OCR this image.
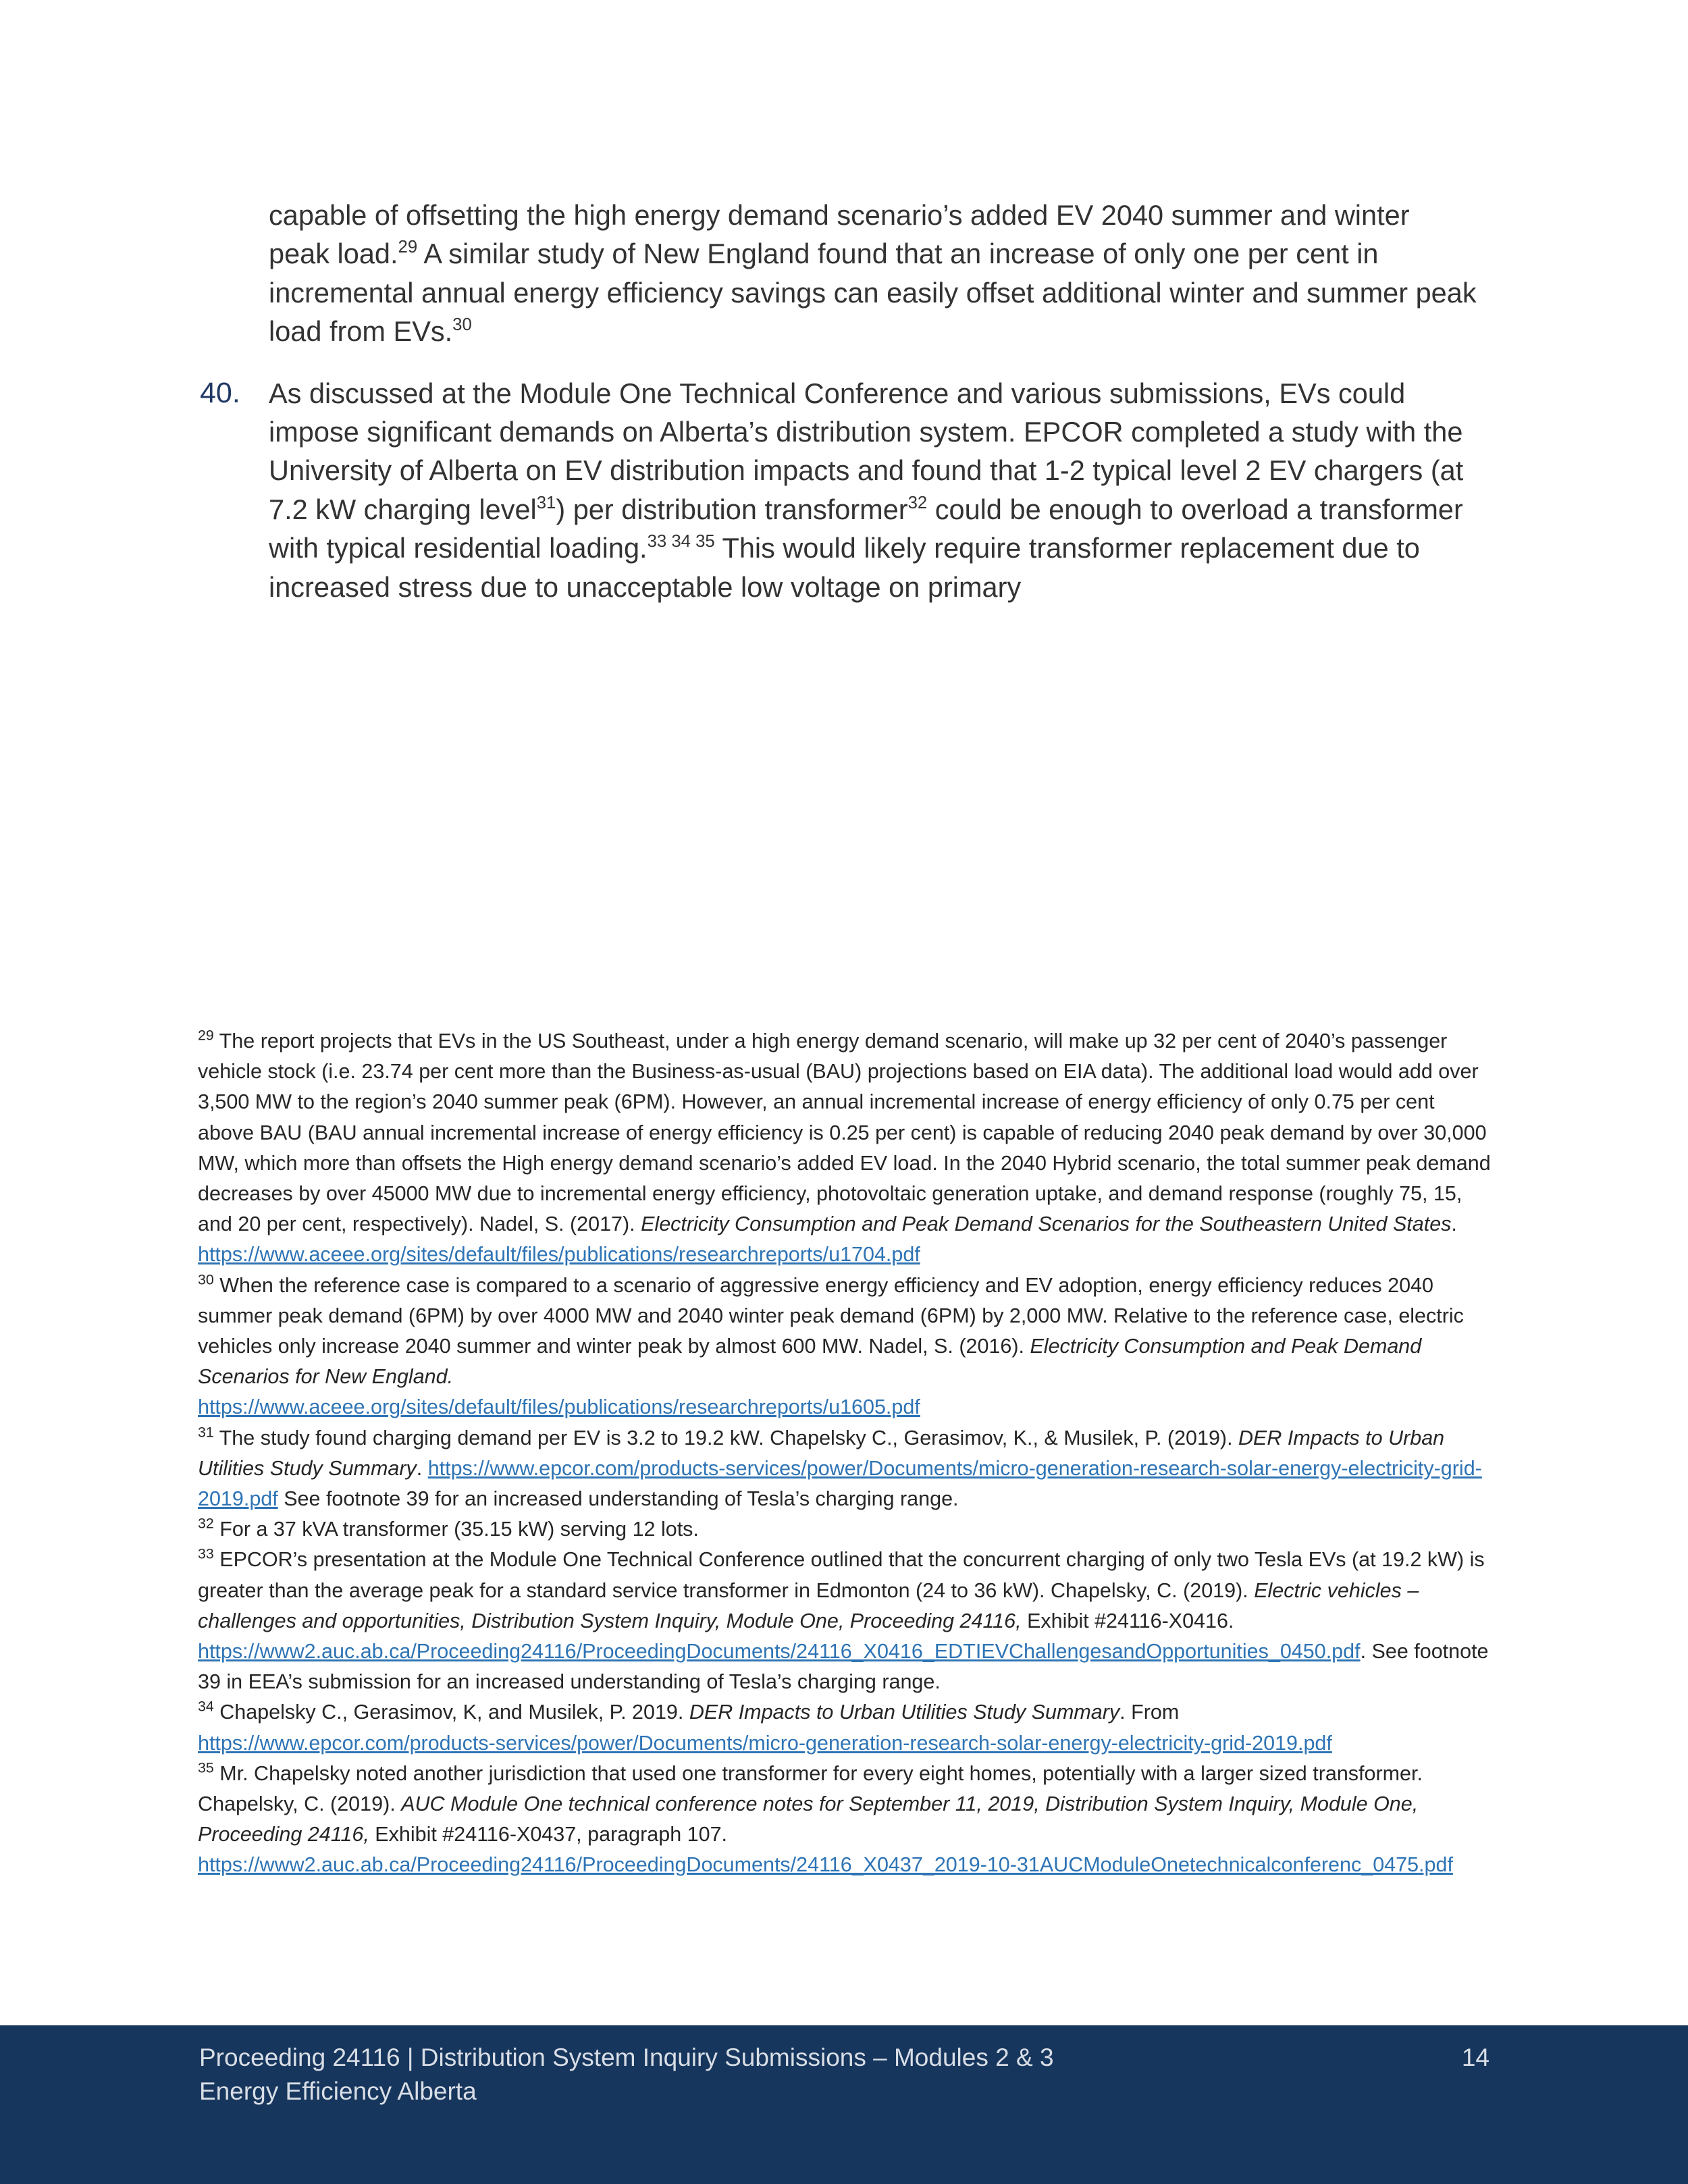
capable of offsetting the high energy demand scenario’s added EV 2040 summer and winter peak load.$^{29}$ A similar study of New England found that an increase of only one per cent in incremental annual energy efficiency savings can easily offset additional winter and summer peak load from EVs.$^{30}$

40. As discussed at the Module One Technical Conference and various submissions, EVs could impose significant demands on Alberta’s distribution system. EPCOR completed a study with the University of Alberta on EV distribution impacts and found that 1-2 typical level 2 EV chargers (at 7.2 kW charging level$^{31}$) per distribution transformer$^{32}$ could be enough to overload a transformer with typical residential loading.$^{33 34 35}$ This would likely require transformer replacement due to increased stress due to unacceptable low voltage on primary

$^{29}$ The report projects that EVs in the US Southeast, under a high energy demand scenario, will make up 32 per cent of 2040’s passenger vehicle stock (i.e. 23.74 per cent more than the Business-as-usual (BAU) projections based on EIA data). The additional load would add over 3,500 MW to the region’s 2040 summer peak (6PM). However, an annual incremental increase of energy efficiency of only 0.75 per cent above BAU (BAU annual incremental increase of energy efficiency is 0.25 per cent) is capable of reducing 2040 peak demand by over 30,000 MW, which more than offsets the High energy demand scenario’s added EV load. In the 2040 Hybrid scenario, the total summer peak demand decreases by over 45000 MW due to incremental energy efficiency, photovoltaic generation uptake, and demand response (roughly 75, 15, and 20 per cent, respectively). Nadel, S. (2017). Electricity Consumption and Peak Demand Scenarios for the Southeastern United States.
https://www.aceee.org/sites/default/files/publications/researchreports/u1704.pdf

$^{30}$ When the reference case is compared to a scenario of aggressive energy efficiency and EV adoption, energy efficiency reduces 2040 summer peak demand (6PM) by over 4000 MW and 2040 winter peak demand (6PM) by 2,000 MW. Relative to the reference case, electric vehicles only increase 2040 summer and winter peak by almost 600 MW. Nadel, S. (2016). Electricity Consumption and Peak Demand Scenarios for New England.
https://www.aceee.org/sites/default/files/publications/researchreports/u1605.pdf

$^{31}$ The study found charging demand per EV is 3.2 to 19.2 kW. Chapelsky C., Gerasimov, K., & Musilek, P. (2019). DER Impacts to Urban Utilities Study Summary. https://www.epcor.com/products-services/power/Documents/micro-generation-research-solar-energy-electricity-grid-2019.pdf See footnote 39 for an increased understanding of Tesla’s charging range.

$^{32}$ For a 37 kVA transformer (35.15 kW) serving 12 lots.

$^{33}$ EPCOR’s presentation at the Module One Technical Conference outlined that the concurrent charging of only two Tesla EVs (at 19.2 kW) is greater than the average peak for a standard service transformer in Edmonton (24 to 36 kW). Chapelsky, C. (2019). Electric vehicles –challenges and opportunities, Distribution System Inquiry, Module One, Proceeding 24116, Exhibit #24116-X0416.
https://www2.auc.ab.ca/Proceeding24116/ProceedingDocuments/24116_X0416_EDTIEVChallengesandOpportunities_0450.pdf. See footnote 39 in EEA’s submission for an increased understanding of Tesla’s charging range.

$^{34}$ Chapelsky C., Gerasimov, K, and Musilek, P. 2019. DER Impacts to Urban Utilities Study Summary. From
https://www.epcor.com/products-services/power/Documents/micro-generation-research-solar-energy-electricity-grid-2019.pdf

$^{35}$ Mr. Chapelsky noted another jurisdiction that used one transformer for every eight homes, potentially with a larger sized transformer. Chapelsky, C. (2019). AUC Module One technical conference notes for September 11, 2019, Distribution System Inquiry, Module One, Proceeding 24116, Exhibit #24116-X0437, paragraph 107.
https://www2.auc.ab.ca/Proceeding24116/ProceedingDocuments/24116_X0437_2019-10-31AUCModuleOnetechnicalconferenc_0475.pdf

Proceeding 24116 | Distribution System Inquiry Submissions – Modules 2 & 3
Energy Efficiency Alberta
14
